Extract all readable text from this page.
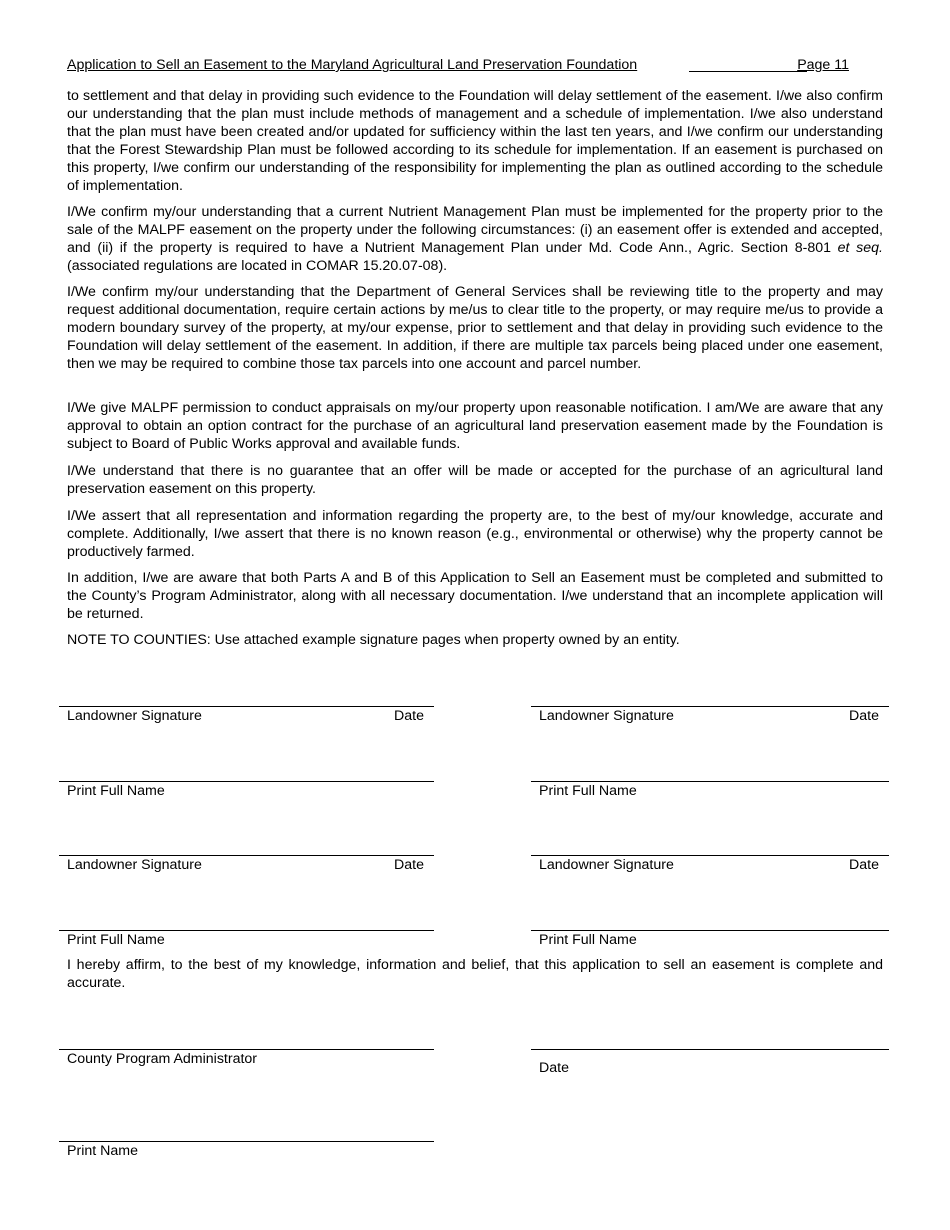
Application to Sell an Easement to the Maryland Agricultural Land Preservation Foundation	Page 11

to settlement and that delay in providing such evidence to the Foundation will delay settlement of the easement. I/we also confirm our understanding that the plan must include methods of management and a schedule of implementation. I/we also understand that the plan must have been created and/or updated for sufficiency within the last ten years, and I/we confirm our understanding that the Forest Stewardship Plan must be followed according to its schedule for implementation. If an easement is purchased on this property, I/we confirm our understanding of the responsibility for implementing the plan as outlined according to the schedule of implementation.

I/We confirm my/our understanding that a current Nutrient Management Plan must be implemented for the property prior to the sale of the MALPF easement on the property under the following circumstances: (i) an easement offer is extended and accepted, and (ii) if the property is required to have a Nutrient Management Plan under Md. Code Ann., Agric. Section 8-801 et seq. (associated regulations are located in COMAR 15.20.07-08).

I/We confirm my/our understanding that the Department of General Services shall be reviewing title to the property and may request additional documentation, require certain actions by me/us to clear title to the property, or may require me/us to provide a modern boundary survey of the property, at my/our expense, prior to settlement and that delay in providing such evidence to the Foundation will delay settlement of the easement. In addition, if there are multiple tax parcels being placed under one easement, then we may be required to combine those tax parcels into one account and parcel number.

I/We give MALPF permission to conduct appraisals on my/our property upon reasonable notification. I am/We are aware that any approval to obtain an option contract for the purchase of an agricultural land preservation easement made by the Foundation is subject to Board of Public Works approval and available funds.

I/We understand that there is no guarantee that an offer will be made or accepted for the purchase of an agricultural land preservation easement on this property.

I/We assert that all representation and information regarding the property are, to the best of my/our knowledge, accurate and complete. Additionally, I/we assert that there is no known reason (e.g., environmental or otherwise) why the property cannot be productively farmed.

In addition, I/we are aware that both Parts A and B of this Application to Sell an Easement must be completed and submitted to the County’s Program Administrator, along with all necessary documentation. I/we understand that an incomplete application will be returned.

NOTE TO COUNTIES: Use attached example signature pages when property owned by an entity.

Landowner Signature	Date	Landowner Signature	Date
Print Full Name	Print Full Name
Landowner Signature	Date	Landowner Signature	Date
Print Full Name	Print Full Name

I hereby affirm, to the best of my knowledge, information and belief, that this application to sell an easement is complete and accurate.

County Program Administrator
Date
Print Name
